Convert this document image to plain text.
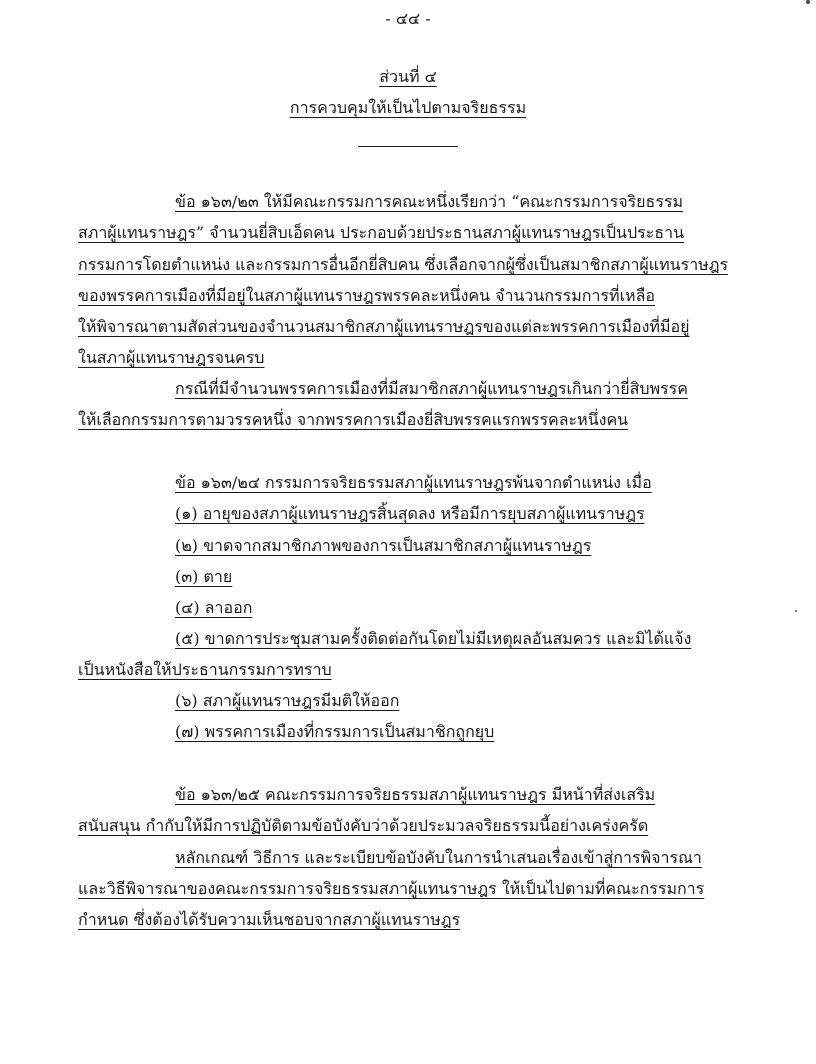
- ๔๔ -
ส่วนที่ ๔
การควบคุมให้เป็นไปตามจริยธรรม
ข้อ ๑๖๓/๒๓ ให้มีคณะกรรมการคณะหนึ่งเรียกว่า “คณะกรรมการจริยธรรม
สภาผู้แทนราษฎร” จำนวนยี่สิบเอ็ดคน ประกอบด้วยประธานสภาผู้แทนราษฎรเป็นประธาน
กรรมการโดยตำแหน่ง และกรรมการอื่นอีกยี่สิบคน ซึ่งเลือกจากผู้ซึ่งเป็นสมาชิกสภาผู้แทนราษฎร
ของพรรคการเมืองที่มีอยู่ในสภาผู้แทนราษฎรพรรคละหนึ่งคน จำนวนกรรมการที่เหลือ
ให้พิจารณาตามสัดส่วนของจำนวนสมาชิกสภาผู้แทนราษฎรของแต่ละพรรคการเมืองที่มีอยู่
ในสภาผู้แทนราษฎรจนครบ
กรณีที่มีจำนวนพรรคการเมืองที่มีสมาชิกสภาผู้แทนราษฎรเกินกว่ายี่สิบพรรค
ให้เลือกกรรมการตามวรรคหนึ่ง จากพรรคการเมืองยี่สิบพรรคแรกพรรคละหนึ่งคน
ข้อ ๑๖๓/๒๔ กรรมการจริยธรรมสภาผู้แทนราษฎรพ้นจากตำแหน่ง เมื่อ
(๑) อายุของสภาผู้แทนราษฎรสิ้นสุดลง หรือมีการยุบสภาผู้แทนราษฎร
(๒) ขาดจากสมาชิกภาพของการเป็นสมาชิกสภาผู้แทนราษฎร
(๓) ตาย
(๔) ลาออก
(๕) ขาดการประชุมสามครั้งติดต่อกันโดยไม่มีเหตุผลอันสมควร และมิได้แจ้ง
เป็นหนังสือให้ประธานกรรมการทราบ
(๖) สภาผู้แทนราษฎรมีมติให้ออก
(๗) พรรคการเมืองที่กรรมการเป็นสมาชิกถูกยุบ
ข้อ ๑๖๓/๒๕ คณะกรรมการจริยธรรมสภาผู้แทนราษฎร มีหน้าที่ส่งเสริม
สนับสนุน กำกับให้มีการปฏิบัติตามข้อบังคับว่าด้วยประมวลจริยธรรมนี้อย่างเคร่งครัด
หลักเกณฑ์ วิธีการ และระเบียบข้อบังคับในการนำเสนอเรื่องเข้าสู่การพิจารณา
และวิธีพิจารณาของคณะกรรมการจริยธรรมสภาผู้แทนราษฎร ให้เป็นไปตามที่คณะกรรมการ
กำหนด ซึ่งต้องได้รับความเห็นชอบจากสภาผู้แทนราษฎร
